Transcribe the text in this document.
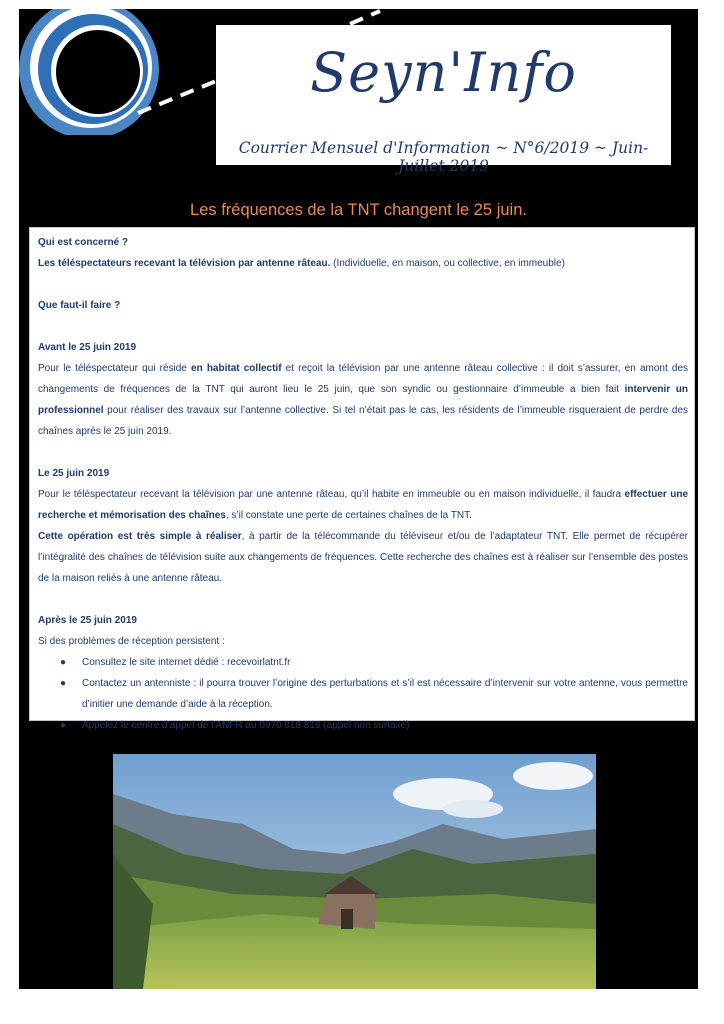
Seyn'Info
Courrier Mensuel d'Information ~ N°6/2019 ~ Juin- Juillet 2019
Les fréquences de la TNT changent le 25 juin.

Qui est concerné ?

Les téléspectateurs recevant la télévision par antenne râteau. (Individuelle, en maison, ou collective, en immeuble)

Que faut-il faire ?

Avant le 25 juin 2019

Pour le téléspectateur qui réside en habitat collectif et reçoit la télévision par une antenne râteau collective : il doit s’assurer, en amont des changements de fréquences de la TNT qui auront lieu le 25 juin, que son syndic ou gestionnaire d’immeuble a bien fait intervenir un professionnel pour réaliser des travaux sur l’antenne collective. Si tel n’était pas le cas, les résidents de l’immeuble risqueraient de perdre des chaînes après le 25 juin 2019.

Le 25 juin 2019

Pour le téléspectateur recevant la télévision par une antenne râteau, qu’il habite en immeuble ou en maison individuelle, il faudra effectuer une recherche et mémorisation des chaînes, s’il constate une perte de certaines chaînes de la TNT.

Cette opération est très simple à réaliser, à partir de la télécommande du téléviseur et/ou de l’adaptateur TNT. Elle permet de récupérer l’intégralité des chaînes de télévision suite aux changements de fréquences. Cette recherche des chaînes est à réaliser sur l’ensemble des postes de la maison reliés à une antenne râteau.

Après le 25 juin 2019

Si des problèmes de réception persistent :

● Consultez le site internet dédié : recevoirlatnt.fr
● Contactez un antenniste : il pourra trouver l’origine des perturbations et s’il est nécessaire d’intervenir sur votre antenne, vous permettre d’initier une demande d’aide à la réception.
● Appelez le centre d’appel de l’ANFR au 0970 818 818 (appel non surtaxé)
